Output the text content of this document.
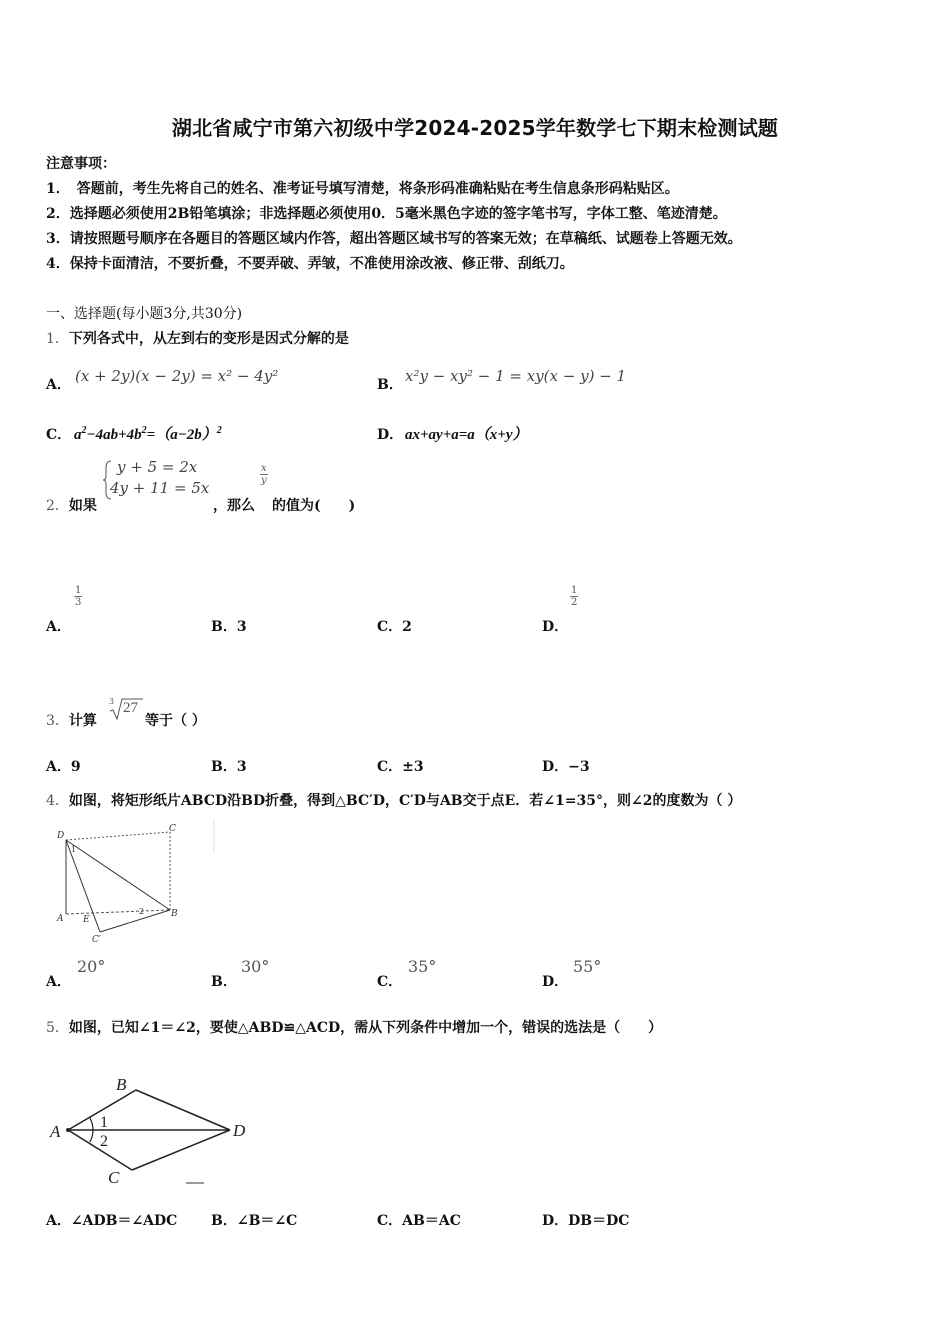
湖北省咸宁市第六初级中学2024-2025学年数学七下期末检测试题
注意事项：
1．　答题前，考生先将自己的姓名、准考证号填写清楚，将条形码准确粘贴在考生信息条形码粘贴区。
2．选择题必须使用2B铅笔填涂；非选择题必须使用0．5毫米黑色字迹的签字笔书写，字体工整、笔迹清楚。
3．请按照题号顺序在各题目的答题区域内作答，超出答题区域书写的答案无效；在草稿纸、试题卷上答题无效。
4．保持卡面清洁，不要折叠，不要弄破、弄皱，不准使用涂改液、修正带、刮纸刀。
一、选择题(每小题3分,共30分)
1．下列各式中，从左到右的变形是因式分解的是
A． (x + 2y)(x − 2y) = x² − 4y²	B． x²y − xy² − 1 = xy(x − y) − 1
C． $a^2-4ab+4b^2=(a-2b)^2$	D． ax+ay+a=a（x+y）
2．如果
y + 5 = 2x
4y + 11 = 5x
，那么
$\frac{x}{y}$
的值为(　　)
A．
$\frac{1}{3}$
B．3	C．2	D．
$\frac{1}{2}$
3．计算
3 27
等于（ ）
A．9	B．3	C．±3	D．−3
4．如图，将矩形纸片ABCD沿BD折叠，得到△BC′D，C′D与AB交于点E．若∠1=35°，则∠2的度数为（ ）
D
C
A E
B
C′
1
2
A．
20°
B．
30°
C．
35°
D．
55°
5．如图，已知∠1＝∠2，要使△ABD≌△ACD，需从下列条件中增加一个，错误的选法是（　　）
A
B
C
D
1
2
A．∠ADB＝∠ADC B．∠B＝∠C	C．AB＝AC	D．DB＝DC
